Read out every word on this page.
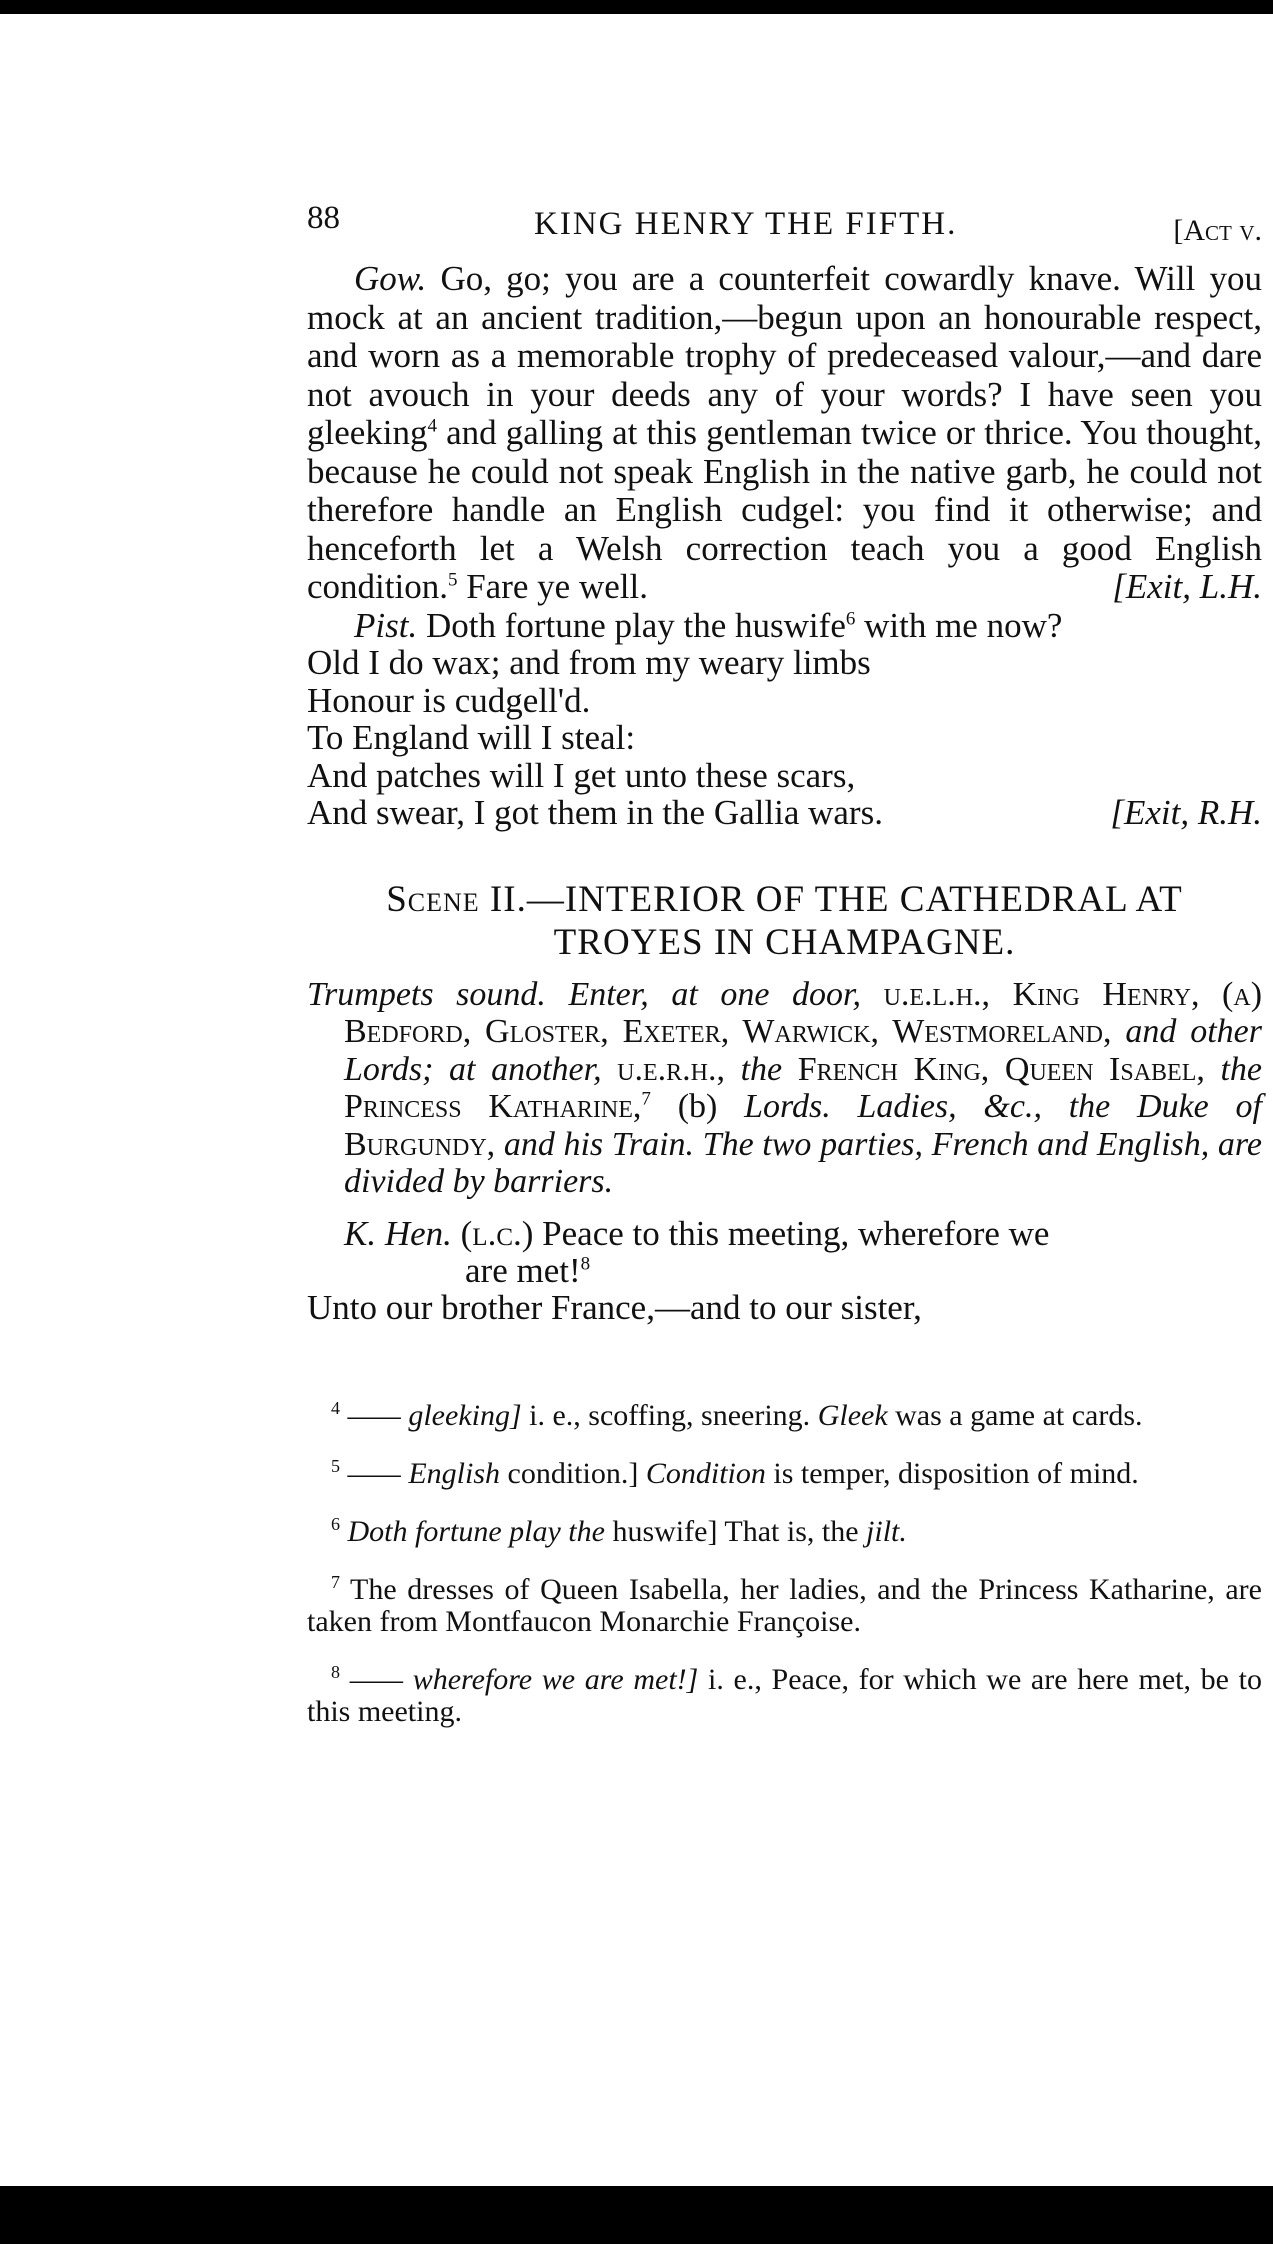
88	KING HENRY THE FIFTH.	[Act v.

Gow. Go, go; you are a counterfeit cowardly knave. Will you mock at an ancient tradition,—begun upon an honourable respect, and worn as a memorable trophy of predeceased valour,—and dare not avouch in your deeds any of your words? I have seen you gleeking$^4$ and galling at this gentleman twice or thrice. You thought, because he could not speak English in the native garb, he could not therefore handle an English cudgel: you find it otherwise; and henceforth let a Welsh correction teach you a good English condition.$^5$ Fare ye well.	[Exit, L.H.

Pist. Doth fortune play the huswife$^6$ with me now?
Old I do wax; and from my weary limbs
Honour is cudgell'd.
To England will I steal:
And patches will I get unto these scars,
And swear, I got them in the Gallia wars.	[Exit, R.H.
Scene II.—INTERIOR OF THE CATHEDRAL AT TROYES IN CHAMPAGNE.

Trumpets sound. Enter, at one door, u.e.l.h., King Henry, (a) Bedford, Gloster, Exeter, Warwick, Westmoreland, and other Lords; at another, u.e.r.h., the French King, Queen Isabel, the Princess Katharine,$^7$ (b) Lords. Ladies, &c., the Duke of Burgundy, and his Train. The two parties, French and English, are divided by barriers.

K. Hen. (l.c.) Peace to this meeting, wherefore we
are met!$^8$
Unto our brother France,—and to our sister,

$^4$ —— gleeking] i. e., scoffing, sneering. Gleek was a game at cards.

$^5$ —— English condition.] Condition is temper, disposition of mind.

$^6$ Doth fortune play the huswife] That is, the jilt.

$^7$ The dresses of Queen Isabella, her ladies, and the Princess Katharine, are taken from Montfaucon Monarchie Françoise.

$^8$ —— wherefore we are met!] i. e., Peace, for which we are here met, be to this meeting.
